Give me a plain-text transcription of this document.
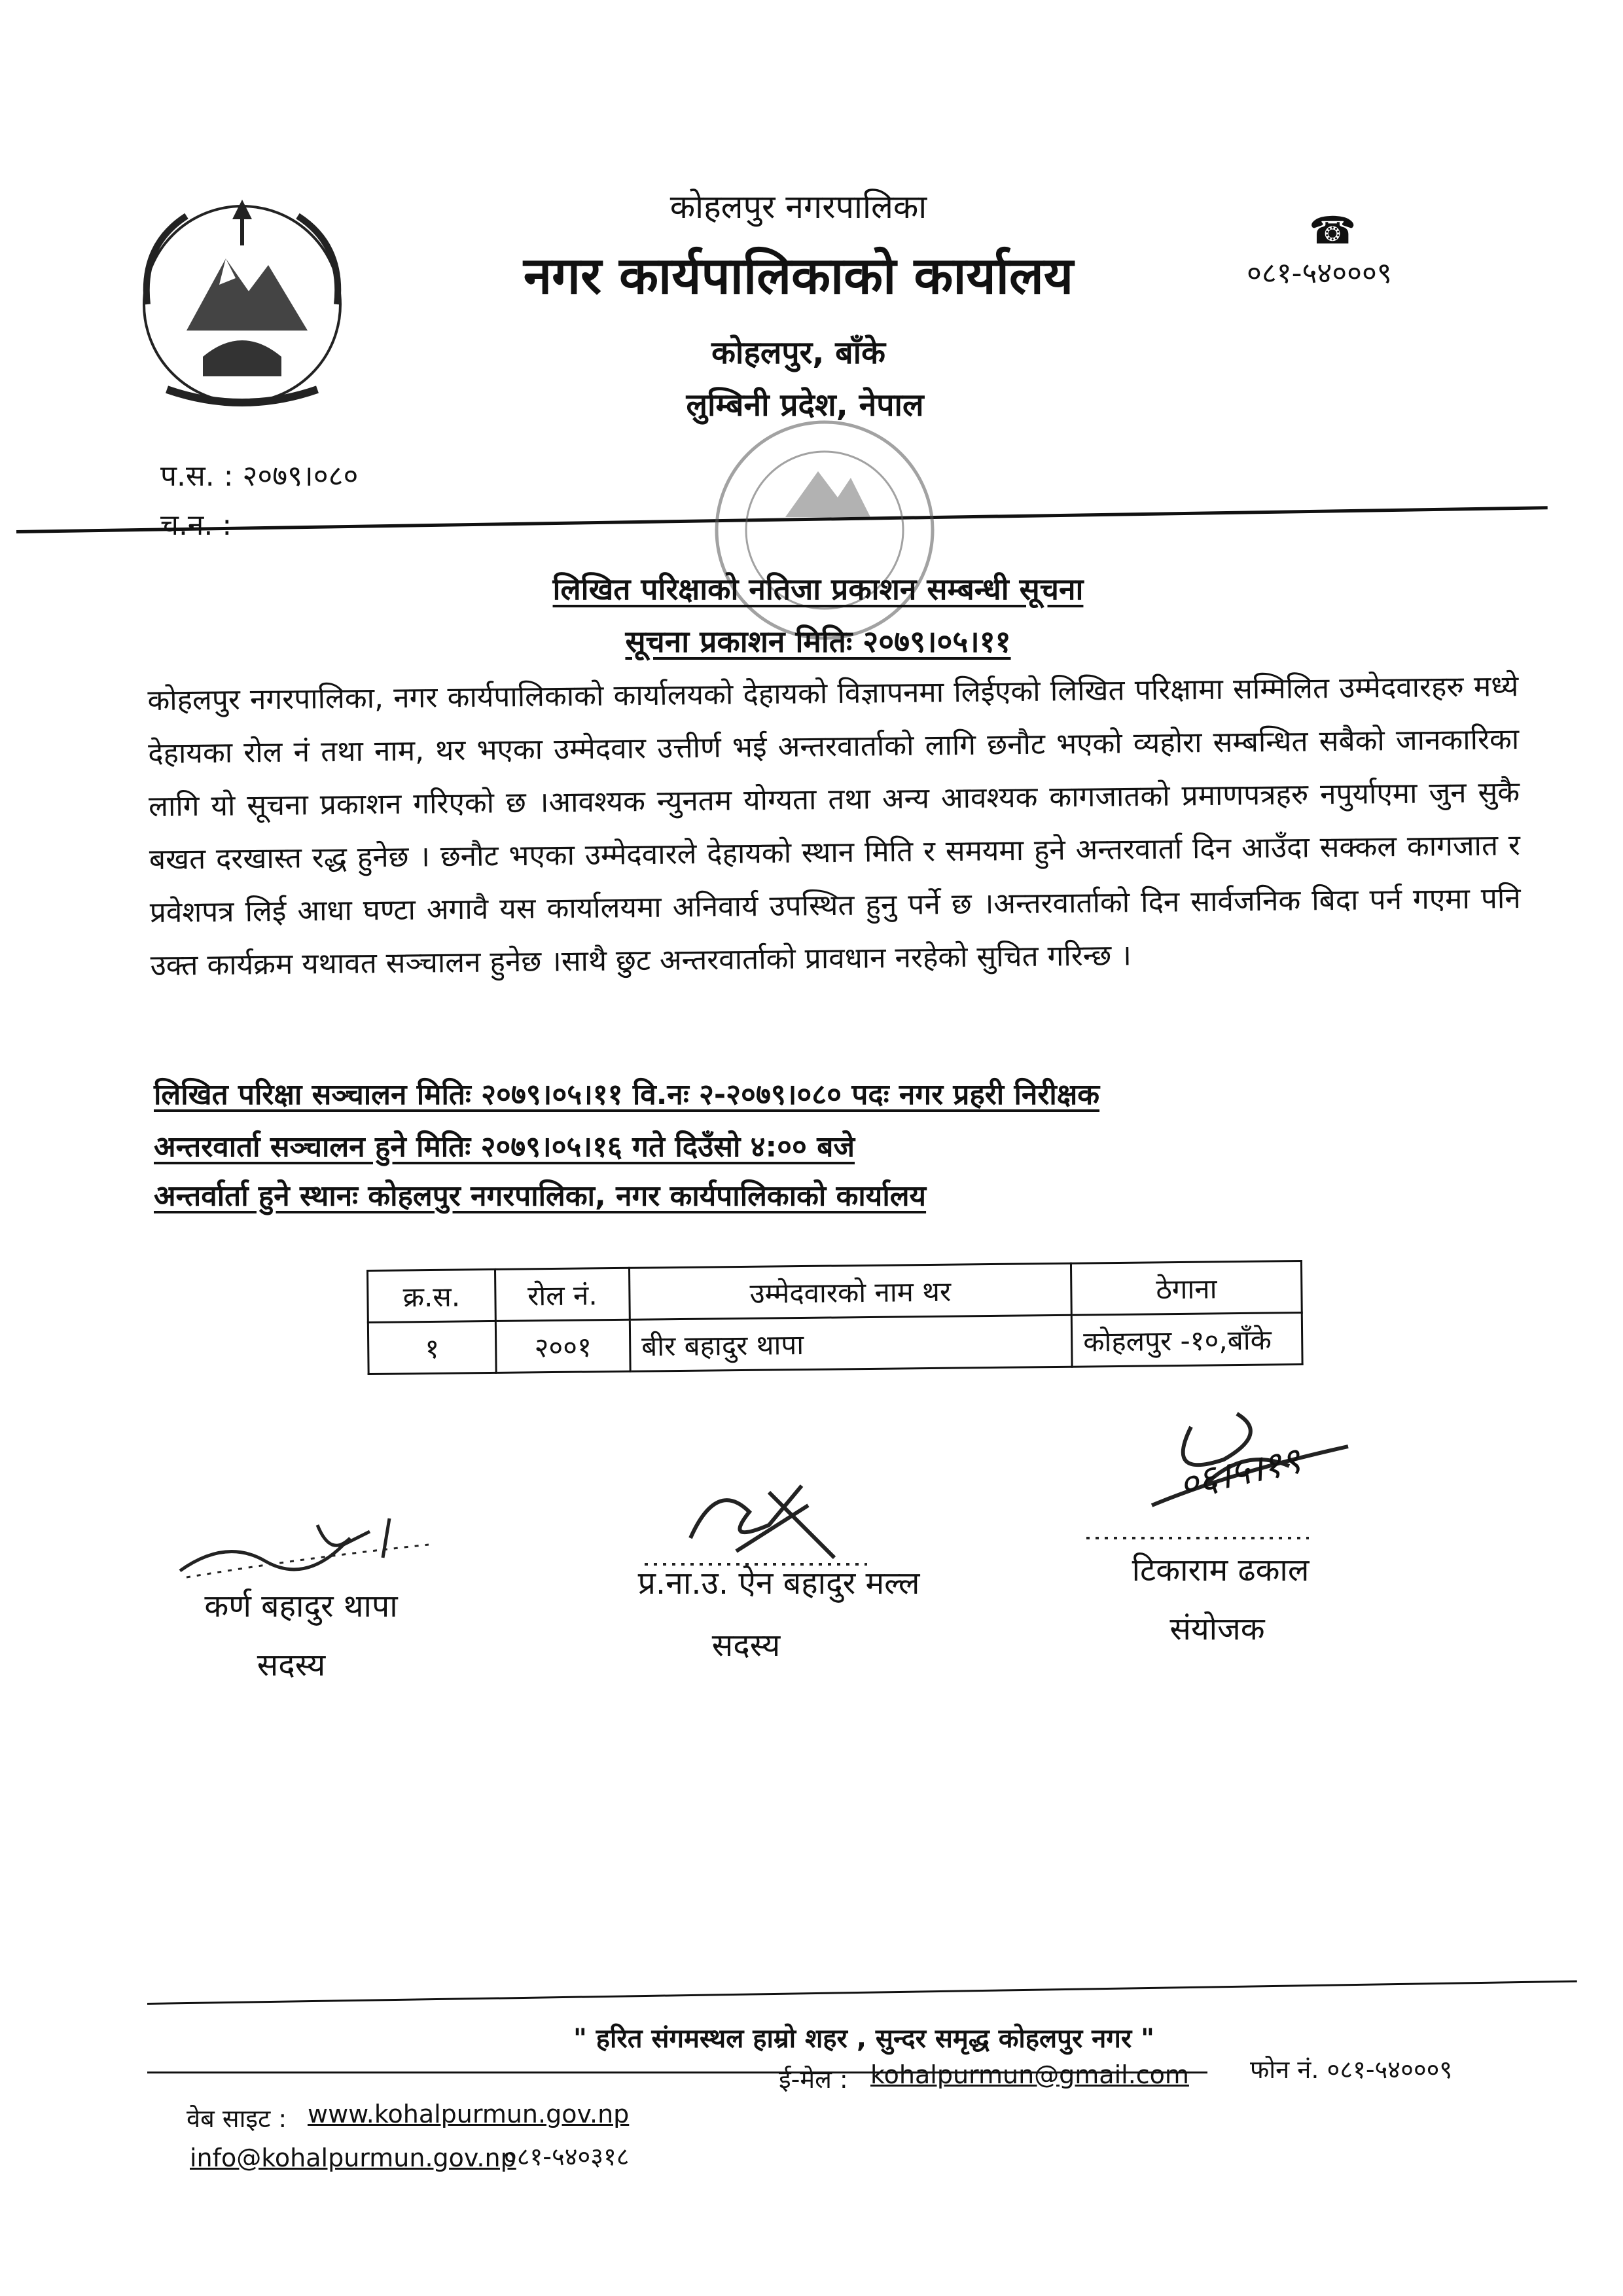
कोहलपुर नगरपालिका
नगर कार्यपालिकाको कार्यालय
☎
०८१-५४०००९
कोहलपुर, बाँके
लुम्बिनी प्रदेश, नेपाल
प.स. : २०७९।०८०
च.न. :
लिखित परिक्षाको नतिजा प्रकाशन सम्बन्धी सूचना
सूचना प्रकाशन मितिः २०७९।०५।११
कोहलपुर नगरपालिका, नगर कार्यपालिकाको कार्यालयको देहायको विज्ञापनमा लिईएको लिखित परिक्षामा सम्मिलित उम्मेदवारहरु मध्ये देहायका रोल नं तथा नाम, थर भएका उम्मेदवार उत्तीर्ण भई अन्तरवार्ताको लागि छनौट भएको व्यहोरा सम्बन्धित सबैको जानकारिका लागि यो सूचना प्रकाशन गरिएको छ ।आवश्यक न्युनतम योग्यता तथा अन्य आवश्यक कागजातको प्रमाणपत्रहरु नपुर्याएमा जुन सुकै बखत दरखास्त रद्ध हुनेछ । छनौट भएका उम्मेदवारले देहायको स्थान मिति र समयमा हुने अन्तरवार्ता दिन आउँदा सक्कल कागजात र प्रवेशपत्र लिई आधा घण्टा अगावै यस कार्यालयमा अनिवार्य उपस्थित हुनु पर्ने छ ।अन्तरवार्ताको दिन सार्वजनिक बिदा पर्न गएमा पनि उक्त कार्यक्रम यथावत सञ्चालन हुनेछ ।साथै छुट अन्तरवार्ताको प्रावधान नरहेको सुचित गरिन्छ ।
लिखित परिक्षा सञ्चालन मितिः २०७९।०५।११ वि.नः २-२०७९।०८० पदः नगर प्रहरी निरीक्षक
अन्तरवार्ता सञ्चालन हुने मितिः २०७९।०५।१६ गते दिउँसो ४:०० बजे
अन्तर्वार्ता हुने स्थानः कोहलपुर नगरपालिका, नगर कार्यपालिकाको कार्यालय
क्र.स.	रोल नं.	उम्मेदवारको नाम थर	ठेगाना
१	२००१	बीर बहादुर थापा	कोहलपुर -१०,बाँके
कर्ण बहादुर थापा
सदस्य
प्र.ना.उ. ऐन बहादुर मल्ल
सदस्य
०६।५।१९
टिकाराम ढकाल
संयोजक
" हरित संगमस्थल हाम्रो शहर , सुन्दर समृद्ध कोहलपुर नगर "
ई-मेल : kohalpurmun@gmail.com फोन नं. ०८१-५४०००९
वेब साइट : www.kohalpurmun.gov.np
info@kohalpurmun.gov.np
०८१-५४०३१८
